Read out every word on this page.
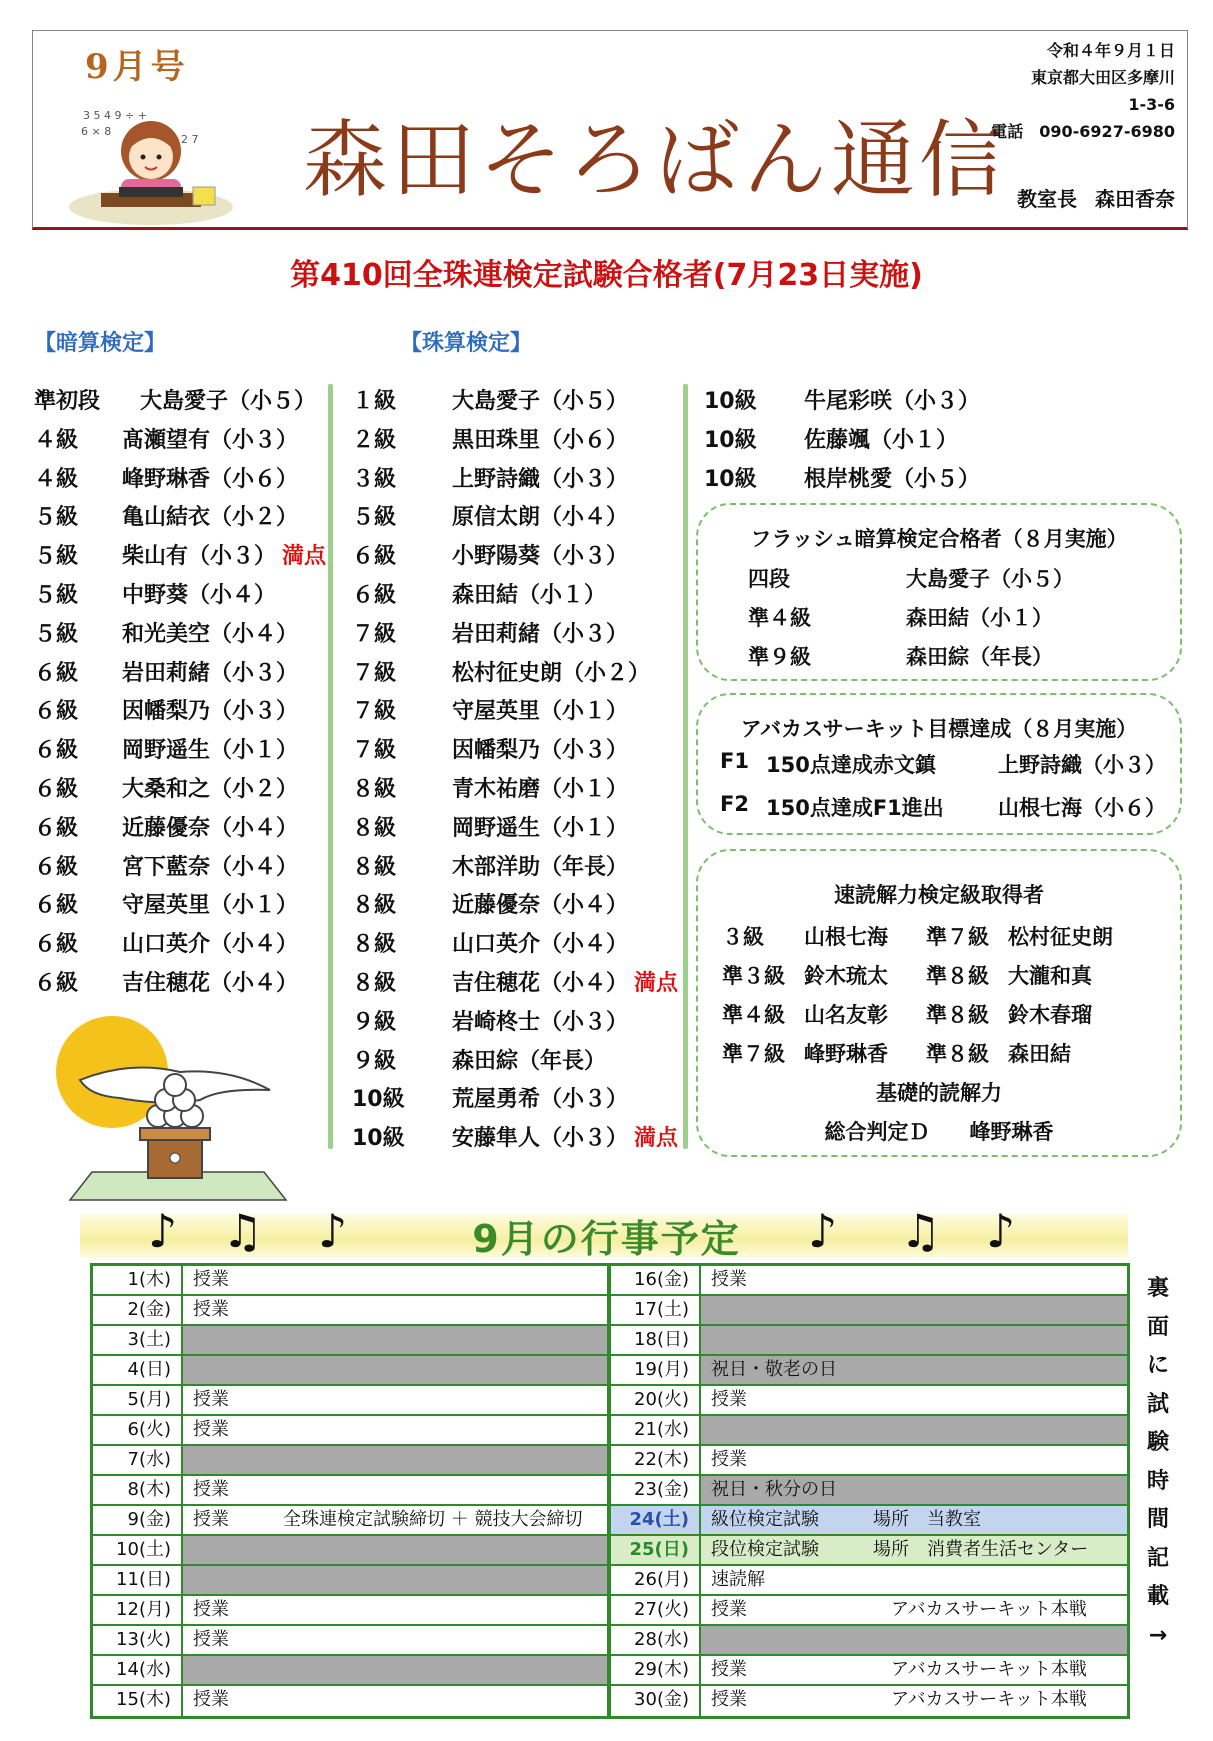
9月号
3 5 4 9 ÷ +
6 × 8
2 7 森田そろばん通信
令和４年９月１日
東京都大田区多摩川
1-3-6
電話　090-6927-6980
教室長 森田香奈
第410回全珠連検定試験合格者(7月23日実施)
【暗算検定】	【珠算検定】
準初段 大島愛子（小５）
４級 髙瀬望有（小３）
４級 峰野琳香（小６）
５級 亀山結衣（小２）
５級 柴山有（小３） 満点
５級 中野葵（小４）
５級 和光美空（小４）
６級 岩田莉緒（小３）
６級 因幡梨乃（小３）
６級 岡野遥生（小１）
６級 大桑和之（小２）
６級 近藤優奈（小４）
６級 宮下藍奈（小４）
６級 守屋英里（小１）
６級 山口英介（小４）
６級 吉住穂花（小４）
１級	大島愛子（小５）
２級	黒田珠里（小６）
３級	上野詩織（小３）
５級	原信太朗（小４）
６級	小野陽葵（小３）
６級	森田結（小１）
７級	岩田莉緒（小３）
７級	松村征史朗（小２）
７級	守屋英里（小１）
７級	因幡梨乃（小３）
８級	青木祐磨（小１）
８級	岡野遥生（小１）
８級	木部洋助（年長）
８級	近藤優奈（小４）
８級	山口英介（小４）
８級	吉住穂花（小４） 満点
９級	岩崎柊士（小３）
９級	森田綜（年長）
10級 荒屋勇希（小３）
10級 安藤隼人（小３） 満点
10級 牛尾彩咲（小３）
10級 佐藤颯（小１）
10級 根岸桃愛（小５）
フラッシュ暗算検定合格者（８月実施）
四段	大島愛子（小５）
準４級	森田結（小１）
準９級	森田綜（年長）
アバカスサーキット目標達成（８月実施）
F1 150点達成赤文鎮	上野詩織（小３）
F2 150点達成F1進出	山根七海（小６）
速読解力検定級取得者
３級 山根七海 準７級 松村征史朗
準３級 鈴木琉太 準８級 大瀧和真
準４級 山名友彰 準８級 鈴木春瑠
準７級 峰野琳香 準８級 森田結
基礎的読解力
総合判定Ｄ 峰野琳香
♪ ♫ ♪	♪ ♫ ♪
9月の行事予定
1(木)	授業
2(金)	授業
3(土)
4(日)
5(月)	授業
6(火)	授業
7(水)
8(木)	授業
9(金)	授業　　　全珠連検定試験締切 ＋ 競技大会締切
10(土)
11(日)
12(月)	授業
13(火)	授業
14(水)
15(木)	授業
16(金)	授業
17(土)
18(日)
19(月)	祝日・敬老の日
20(火)	授業
21(水)
22(木)	授業
23(金)	祝日・秋分の日
24(土)	級位検定試験　　　場所　当教室
25(日)	段位検定試験　　　場所　消費者生活センター
26(月)	速読解
27(火)	授業　　　　　　　　アバカスサーキット本戦
28(水)
29(木)	授業　　　　　　　　アバカスサーキット本戦
30(金)	授業　　　　　　　　アバカスサーキット本戦
裏
面
に
試
験
時
間
記
載
→
